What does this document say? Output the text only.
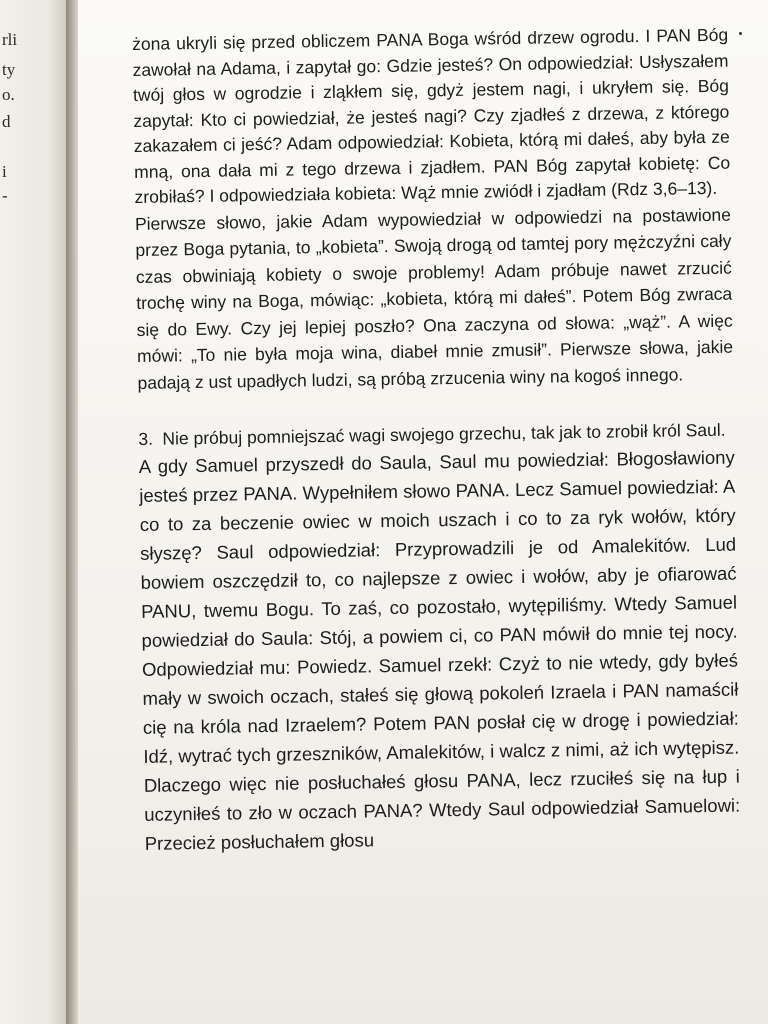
rli
ty
o.
d
i
-

żona ukryli się przed obliczem PANA Boga wśród drzew ogrodu. I PAN Bóg zawołał na Adama, i zapytał go: Gdzie jesteś? On odpowiedział: Usłyszałem twój głos w ogrodzie i zląkłem się, gdyż jestem nagi, i ukryłem się. Bóg zapytał: Kto ci powiedział, że jesteś nagi? Czy zjadłeś z drzewa, z którego zakazałem ci jeść? Adam odpowiedział: Kobieta, którą mi dałeś, aby była ze mną, ona dała mi z tego drzewa i zjadłem. PAN Bóg zapytał kobietę: Co zrobiłaś? I odpowiedziała kobieta: Wąż mnie zwiódł i zjadłam (Rdz 3,6–13).

Pierwsze słowo, jakie Adam wypowiedział w odpowiedzi na postawione przez Boga pytania, to „kobieta”. Swoją drogą od tamtej pory mężczyźni cały czas obwiniają kobiety o swoje problemy! Adam próbuje nawet zrzucić trochę winy na Boga, mówiąc: „kobieta, którą mi dałeś”. Potem Bóg zwraca się do Ewy. Czy jej lepiej poszło? Ona zaczyna od słowa: „wąż”. A więc mówi: „To nie była moja wina, diabeł mnie zmusił”. Pierwsze słowa, jakie padają z ust upadłych ludzi, są próbą zrzucenia winy na kogoś innego.

3. Nie próbuj pomniejszać wagi swojego grzechu, tak jak to zrobił król Saul.

A gdy Samuel przyszedł do Saula, Saul mu powiedział: Błogosławiony jesteś przez PANA. Wypełniłem słowo PANA. Lecz Samuel powiedział: A co to za beczenie owiec w moich uszach i co to za ryk wołów, który słyszę? Saul odpowiedział: Przyprowadzili je od Amalekitów. Lud bowiem oszczędził to, co najlepsze z owiec i wołów, aby je ofiarować PANU, twemu Bogu. To zaś, co pozostało, wytępiliśmy. Wtedy Samuel powiedział do Saula: Stój, a powiem ci, co PAN mówił do mnie tej nocy. Odpowiedział mu: Powiedz. Samuel rzekł: Czyż to nie wtedy, gdy byłeś mały w swoich oczach, stałeś się głową pokoleń Izraela i PAN namaścił cię na króla nad Izraelem? Potem PAN posłał cię w drogę i powiedział: Idź, wytrać tych grzeszników, Amalekitów, i walcz z nimi, aż ich wytępisz. Dlaczego więc nie posłuchałeś głosu PANA, lecz rzuciłeś się na łup i uczyniłeś to zło w oczach PANA? Wtedy Saul odpowiedział Samuelowi: Przecież posłuchałem głosu
